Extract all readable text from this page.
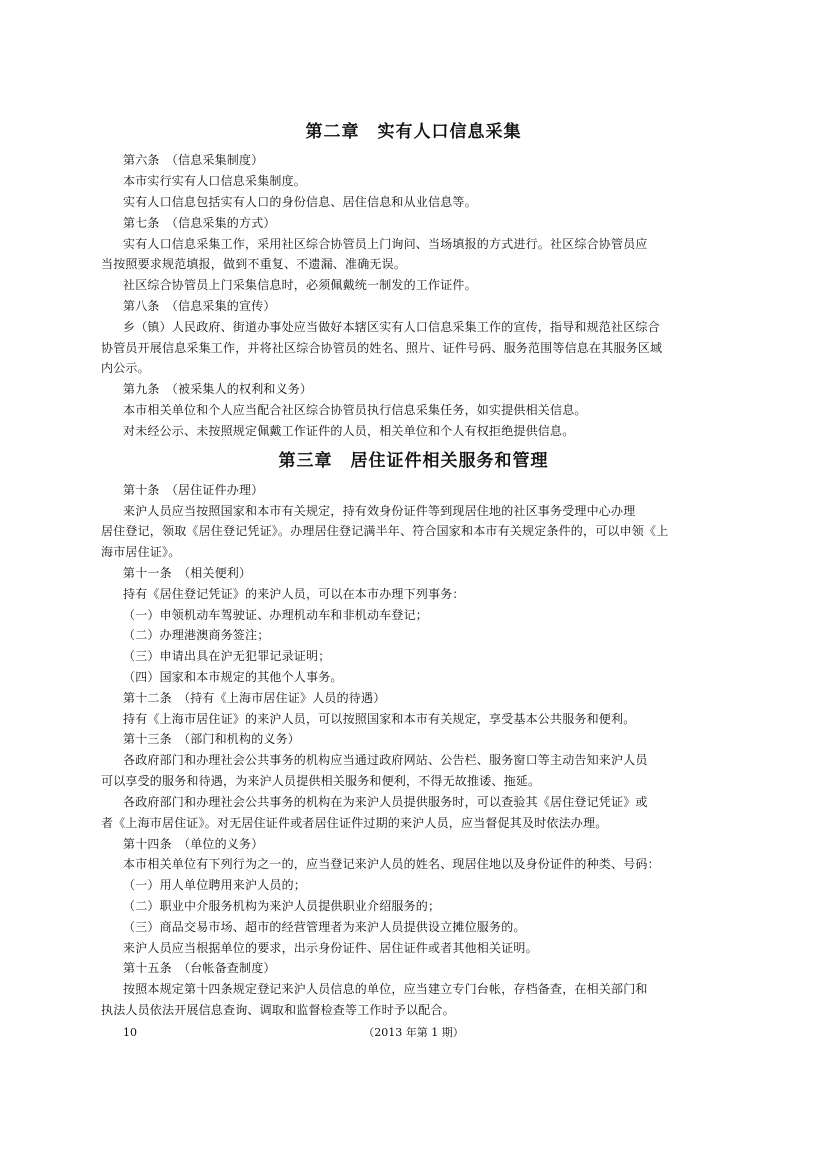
第二章　实有人口信息采集
第六条　（信息采集制度）
本市实行实有人口信息采集制度。
实有人口信息包括实有人口的身份信息、居住信息和从业信息等。
第七条　（信息采集的方式）
实有人口信息采集工作，采用社区综合协管员上门询问、当场填报的方式进行。社区综合协管员应
当按照要求规范填报，做到不重复、不遗漏、准确无误。
社区综合协管员上门采集信息时，必须佩戴统一制发的工作证件。
第八条　（信息采集的宣传）
乡（镇）人民政府、街道办事处应当做好本辖区实有人口信息采集工作的宣传，指导和规范社区综合
协管员开展信息采集工作，并将社区综合协管员的姓名、照片、证件号码、服务范围等信息在其服务区域
内公示。
第九条　（被采集人的权利和义务）
本市相关单位和个人应当配合社区综合协管员执行信息采集任务，如实提供相关信息。
对未经公示、未按照规定佩戴工作证件的人员，相关单位和个人有权拒绝提供信息。
第三章　居住证件相关服务和管理
第十条　（居住证件办理）
来沪人员应当按照国家和本市有关规定，持有效身份证件等到现居住地的社区事务受理中心办理
居住登记，领取《居住登记凭证》。办理居住登记满半年、符合国家和本市有关规定条件的，可以申领《上
海市居住证》。
第十一条　（相关便利）
持有《居住登记凭证》的来沪人员，可以在本市办理下列事务：
（一）申领机动车驾驶证、办理机动车和非机动车登记；
（二）办理港澳商务签注；
（三）申请出具在沪无犯罪记录证明；
（四）国家和本市规定的其他个人事务。
第十二条　（持有《上海市居住证》人员的待遇）
持有《上海市居住证》的来沪人员，可以按照国家和本市有关规定，享受基本公共服务和便利。
第十三条　（部门和机构的义务）
各政府部门和办理社会公共事务的机构应当通过政府网站、公告栏、服务窗口等主动告知来沪人员
可以享受的服务和待遇，为来沪人员提供相关服务和便利，不得无故推诿、拖延。
各政府部门和办理社会公共事务的机构在为来沪人员提供服务时，可以查验其《居住登记凭证》或
者《上海市居住证》。对无居住证件或者居住证件过期的来沪人员，应当督促其及时依法办理。
第十四条　（单位的义务）
本市相关单位有下列行为之一的，应当登记来沪人员的姓名、现居住地以及身份证件的种类、号码：
（一）用人单位聘用来沪人员的；
（二）职业中介服务机构为来沪人员提供职业介绍服务的；
（三）商品交易市场、超市的经营管理者为来沪人员提供设立摊位服务的。
来沪人员应当根据单位的要求，出示身份证件、居住证件或者其他相关证明。
第十五条　（台帐备查制度）
按照本规定第十四条规定登记来沪人员信息的单位，应当建立专门台帐，存档备查，在相关部门和
执法人员依法开展信息查询、调取和监督检查等工作时予以配合。
10	（2013 年第 1 期）
